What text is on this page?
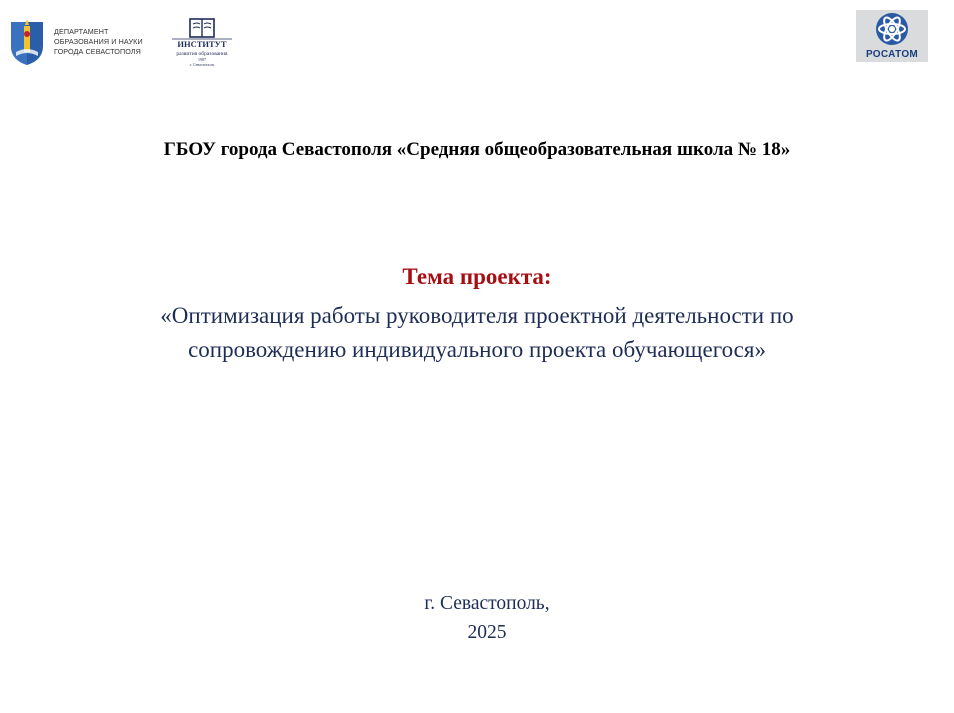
ДЕПАРТАМЕНТ
ОБРАЗОВАНИЯ И НАУКИ
ГОРОДА СЕВАСТОПОЛЯ
ИНСТИТУТ
развития образования
1987
г. Севастополь
РОСАТОМ
ГБОУ города Севастополя «Средняя общеобразовательная школа № 18»
Тема проекта:
«Оптимизация работы руководителя проектной деятельности по
сопровождению индивидуального проекта обучающегося»
г. Севастополь,
2025
